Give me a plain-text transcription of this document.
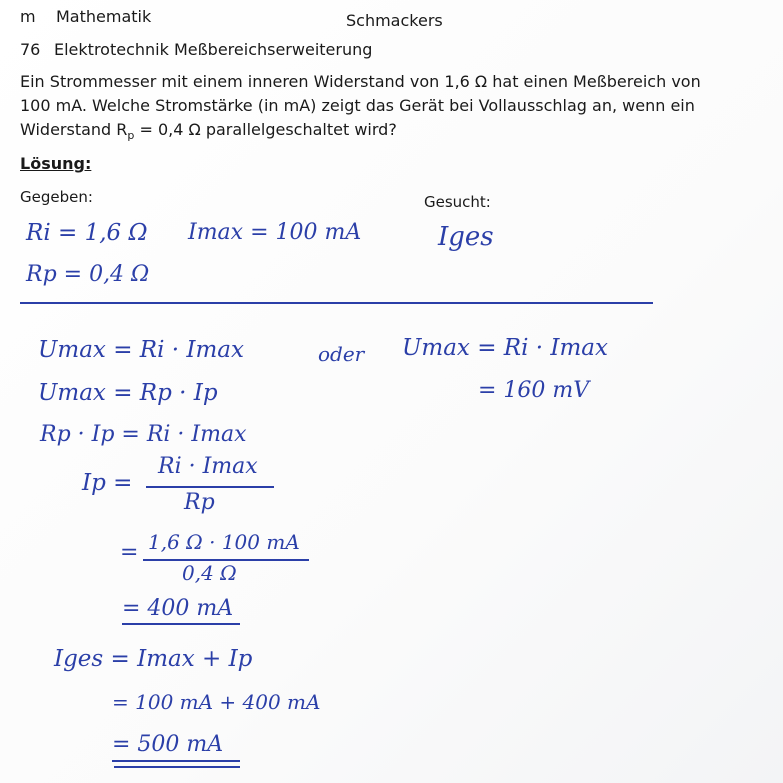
m Mathematik	Schmackers
76 Elektrotechnik Meßbereichserweiterung
Ein Strommesser mit einem inneren Widerstand von 1,6 Ω hat einen Meßbereich von
100 mA. Welche Stromstärke (in mA) zeigt das Gerät bei Vollausschlag an, wenn ein
Widerstand $R_p = 0,4$ Ω parallelgeschaltet wird?
Lösung:
Gegeben:	Gesucht:
Ri = 1,6 Ω Imax = 100 mA	Iges
Rp = 0,4 Ω
Umax = Ri · Imax	oder Umax = Ri · Imax
Umax = Rp · Ip	= 160 mV
Rp · Ip = Ri · Imax
Ip =
Ri · Imax
Rp
= 1,6 Ω · 100 mA
0,4 Ω
= 400 mA
Iges = Imax + Ip
= 100 mA + 400 mA
= 500 mA
